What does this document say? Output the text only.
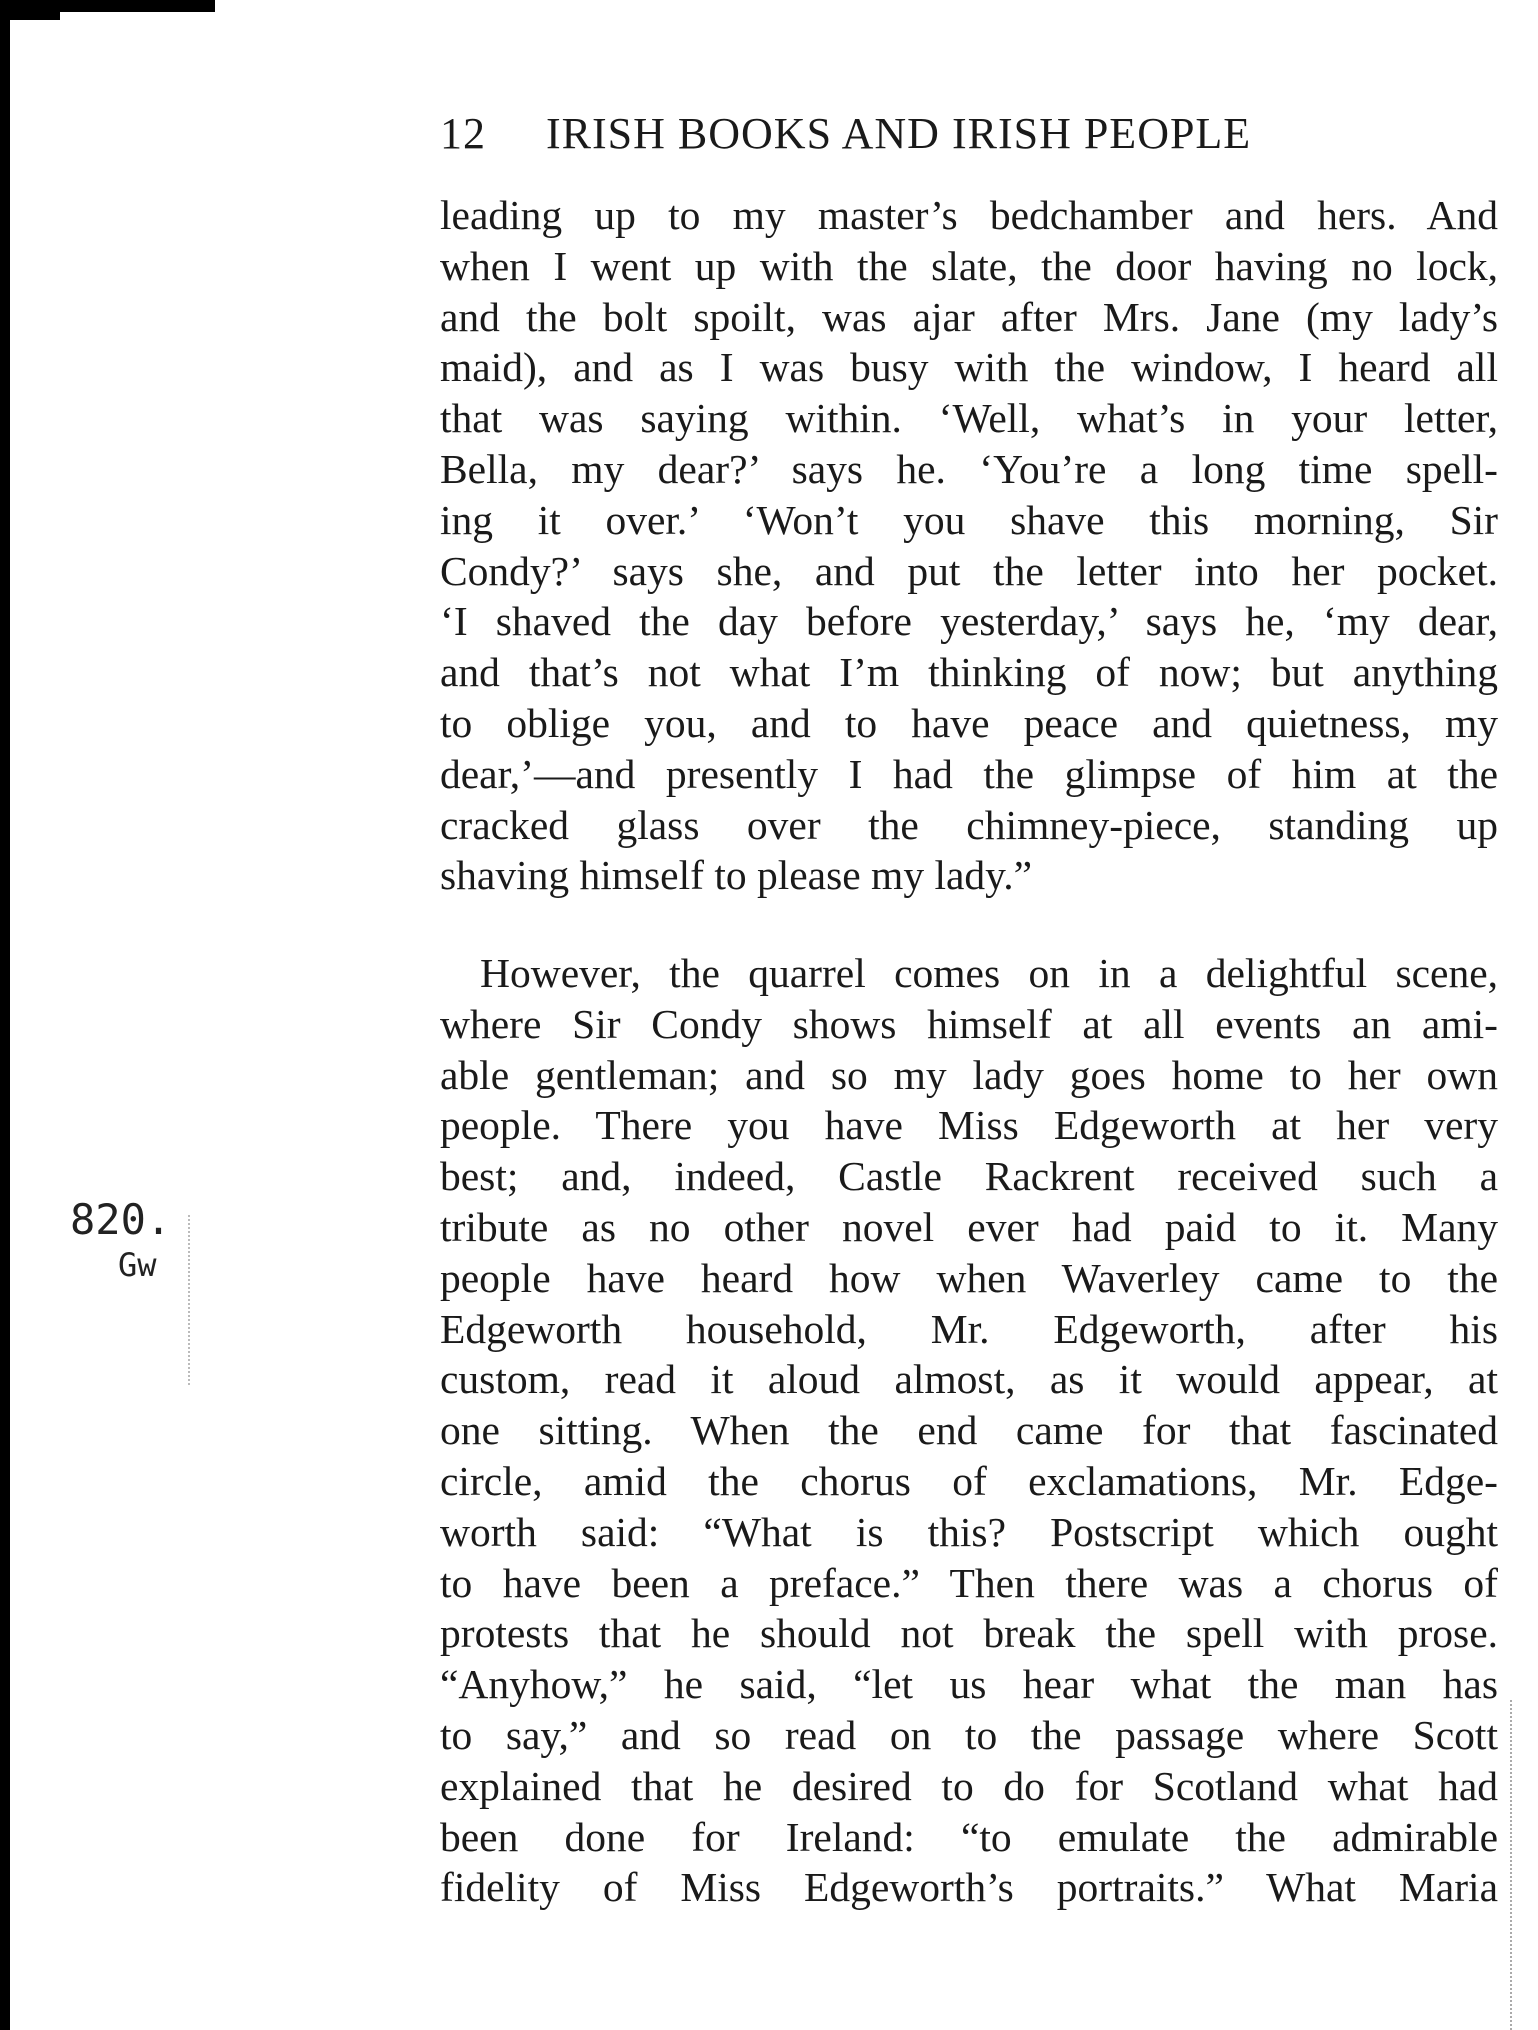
12 IRISH BOOKS AND IRISH PEOPLE
leading up to my master’s bedchamber and hers. And
when I went up with the slate, the door having no lock,
and the bolt spoilt, was ajar after Mrs. Jane (my lady’s
maid), and as I was busy with the window, I heard all
that was saying within. ‘Well, what’s in your letter,
Bella, my dear?’ says he. ‘You’re a long time spell-
ing it over.’ ‘Won’t you shave this morning, Sir
Condy?’ says she, and put the letter into her pocket.
‘I shaved the day before yesterday,’ says he, ‘my dear,
and that’s not what I’m thinking of now; but anything
to oblige you, and to have peace and quietness, my
dear,’—and presently I had the glimpse of him at the
cracked glass over the chimney-piece, standing up
shaving himself to please my lady.”
However, the quarrel comes on in a delightful scene,
where Sir Condy shows himself at all events an ami-
able gentleman; and so my lady goes home to her own
people. There you have Miss Edgeworth at her very
best; and, indeed, Castle Rackrent received such a
tribute as no other novel ever had paid to it. Many
people have heard how when Waverley came to the
Edgeworth household, Mr. Edgeworth, after his
custom, read it aloud almost, as it would appear, at
one sitting. When the end came for that fascinated
circle, amid the chorus of exclamations, Mr. Edge-
worth said: “What is this? Postscript which ought
to have been a preface.” Then there was a chorus of
protests that he should not break the spell with prose.
“Anyhow,” he said, “let us hear what the man has
to say,” and so read on to the passage where Scott
explained that he desired to do for Scotland what had
been done for Ireland: “to emulate the admirable
fidelity of Miss Edgeworth’s portraits.” What Maria
820.
Gw
